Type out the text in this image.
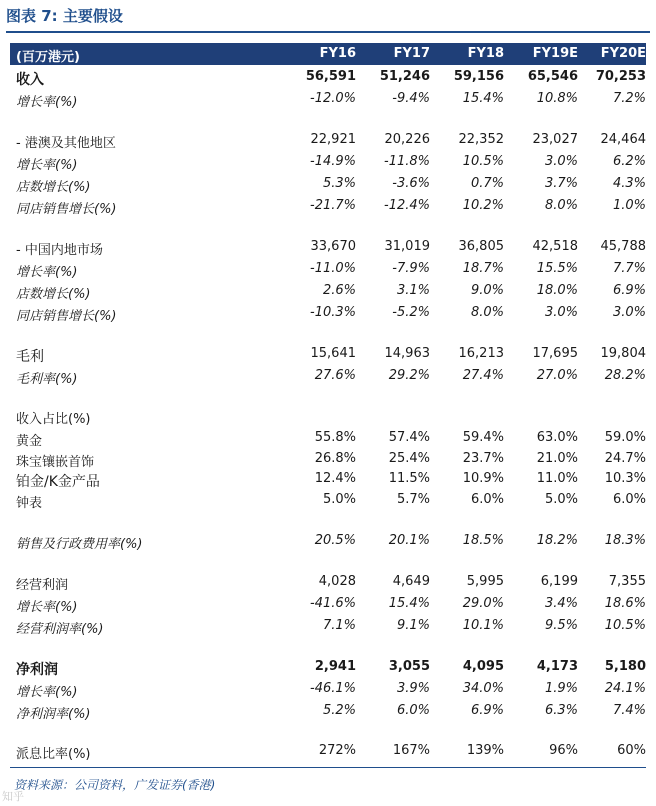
图表 7: 主要假设
(百万港元)	FY16	FY17	FY18	FY19E	FY20E
收入	56,591	51,246	59,156	65,546	70,253
增长率(%)	-12.0%	-9.4%	15.4%	10.8%	7.2%
- 港澳及其他地区	22,921	20,226	22,352	23,027	24,464
增长率(%)	-14.9%	-11.8%	10.5%	3.0%	6.2%
店数增长(%)	5.3%	-3.6%	0.7%	3.7%	4.3%
同店销售增长(%)	-21.7%	-12.4%	10.2%	8.0%	1.0%
- 中国内地市场	33,670	31,019	36,805	42,518	45,788
增长率(%)	-11.0%	-7.9%	18.7%	15.5%	7.7%
店数增长(%)	2.6%	3.1%	9.0%	18.0%	6.9%
同店销售增长(%)	-10.3%	-5.2%	8.0%	3.0%	3.0%
毛利	15,641	14,963	16,213	17,695	19,804
毛利率(%)	27.6%	29.2%	27.4%	27.0%	28.2%
收入占比(%)
黄金	55.8%	57.4%	59.4%	63.0%	59.0%
珠宝镶嵌首饰	26.8%	25.4%	23.7%	21.0%	24.7%
铂金/K金产品	12.4%	11.5%	10.9%	11.0%	10.3%
钟表	5.0%	5.7%	6.0%	5.0%	6.0%
销售及行政费用率(%)	20.5%	20.1%	18.5%	18.2%	18.3%
经营利润	4,028	4,649	5,995	6,199	7,355
增长率(%)	-41.6%	15.4%	29.0%	3.4%	18.6%
经营利润率(%)	7.1%	9.1%	10.1%	9.5%	10.5%
净利润	2,941	3,055	4,095	4,173	5,180
增长率(%)	-46.1%	3.9%	34.0%	1.9%	24.1%
净利润率(%)	5.2%	6.0%	6.9%	6.3%	7.4%
派息比率(%)	272%	167%	139%	96%	60%
资料来源：公司资料，广发证券(香港)
知乎
